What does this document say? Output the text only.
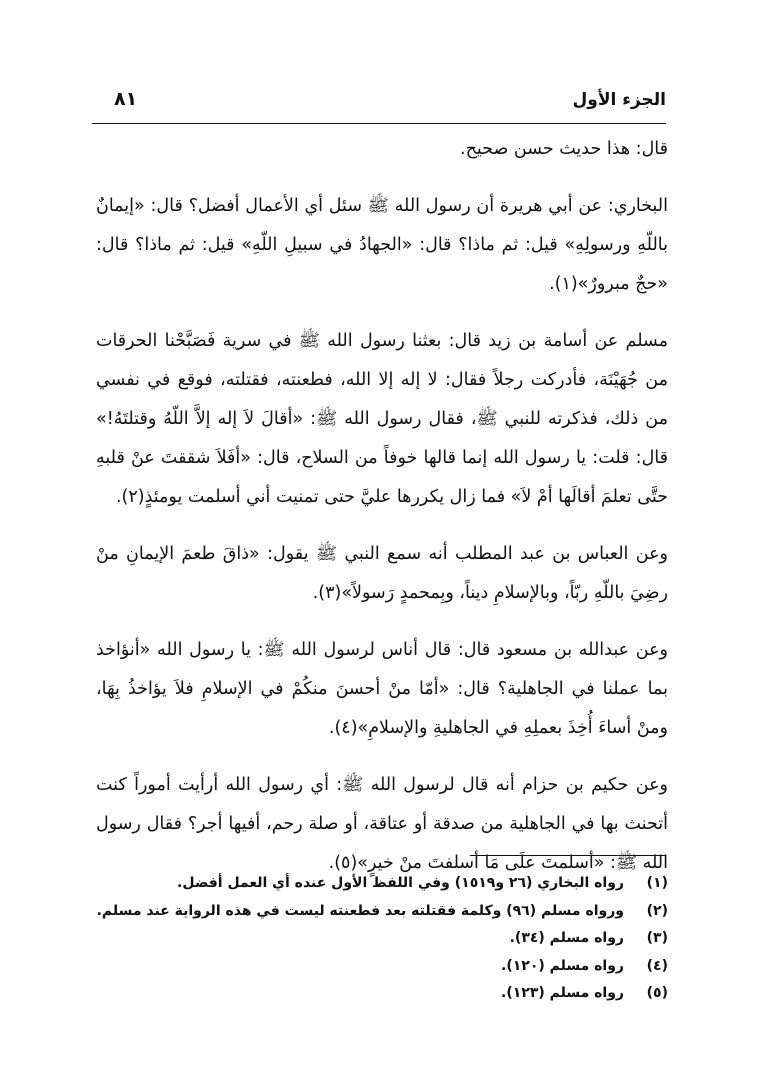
الجزء الأول
٨١

قال: هذا حديث حسن صحيح.

البخاري: عن أبي هريرة أن رسول الله ﷺ سئل أي الأعمال أفضل؟ قال: «إيمانٌ باللّهِ ورسولِهِ» قيل: ثم ماذا؟ قال: «الجهادُ في سبيلِ اللّهِ» قيل: ثم ماذا؟ قال: «حجٌ مبرورٌ»(١).

مسلم عن أسامة بن زيد قال: بعثنا رسول الله ﷺ في سرية فَصَبَّحْنا الحرقات من جُهَيْنَة، فأدركت رجلاً فقال: لا إله إلا الله، فطعنته، فقتلته، فوقع في نفسي من ذلك، فذكرته للنبي ﷺ، فقال رسول الله ﷺ: «أقالَ لاَ إله إلاَّ اللّهُ وقتلتَهُ!» قال: قلت: يا رسول الله إنما قالها خوفاً من السلاح، قال: «أفَلاَ شققتَ عنْ قلبهِ حتَّى تعلمَ أقالَها أمْ لاَ» فما زال يكررها عليَّ حتى تمنيت أني أسلمت يومئذٍ(٢).

وعن العباس بن عبد المطلب أنه سمع النبي ﷺ يقول: «ذاقَ طعمَ الإيمانِ منْ رضِيَ باللّهِ ربّاً، وبالإسلامِ ديناً، وبِمحمدٍ رَسولاً»(٣).

وعن عبدالله بن مسعود قال: قال أناس لرسول الله ﷺ: يا رسول الله «أنؤاخذ بما عملنا في الجاهلية؟ قال: «أمّا منْ أحسنَ منكُمْ في الإسلامِ فلاَ يؤاخذُ بِهَا، ومنْ أساءَ أُخِذَ بعملِهِ في الجاهليةِ والإسلامِ»(٤).

وعن حكيم بن حزام أنه قال لرسول الله ﷺ: أي رسول الله أرأيت أموراً كنت أتحنث بها في الجاهلية من صدقة أو عتاقة، أو صلة رحم، أفيها أجر؟ فقال رسول الله ﷺ: «أسلمتَ علَى مَا أسلفتَ منْ خيرٍ»(٥).

(١)
رواه البخاري (٢٦ و١٥١٩) وفي اللفظ الأول عنده أي العمل أفضل.
(٢)
ورواه مسلم (٩٦) وكلمة فقتلته بعد فطعنته ليست في هذه الرواية عند مسلم.
(٣)
رواه مسلم (٣٤).
(٤)
رواه مسلم (١٢٠).
(٥)
رواه مسلم (١٢٣).
